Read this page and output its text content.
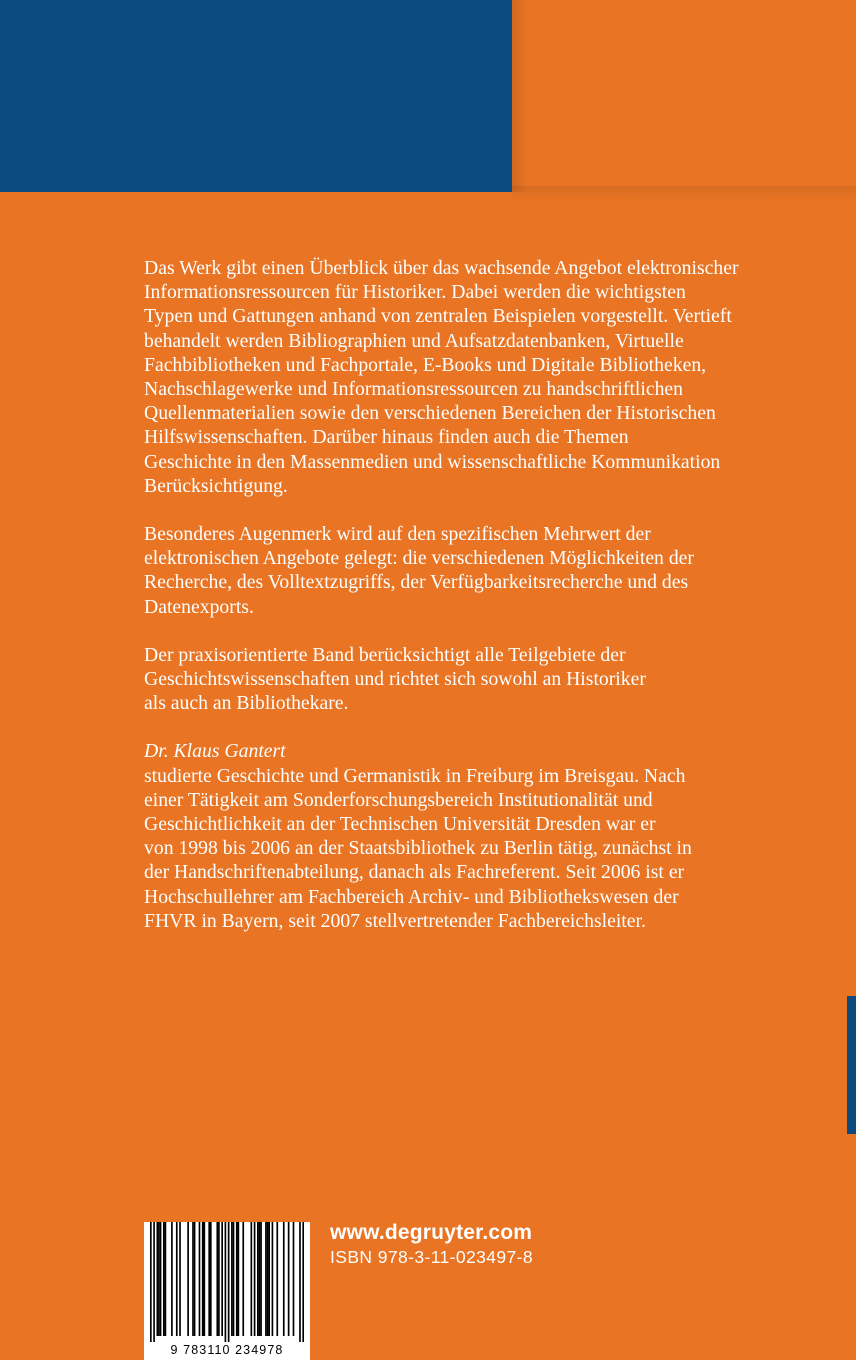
Das Werk gibt einen Überblick über das wachsende Angebot elektronischer
Informationsressourcen für Historiker. Dabei werden die wichtigsten
Typen und Gattungen anhand von zentralen Beispielen vorgestellt. Vertieft
behandelt werden Bibliographien und Aufsatzdatenbanken, Virtuelle
Fachbibliotheken und Fachportale, E-Books und Digitale Bibliotheken,
Nachschlagewerke und Informationsressourcen zu handschriftlichen
Quellenmaterialien sowie den verschiedenen Bereichen der Historischen
Hilfswissenschaften. Darüber hinaus finden auch die Themen
Geschichte in den Massenmedien und wissenschaftliche Kommunikation
Berücksichtigung.

Besonderes Augenmerk wird auf den spezifischen Mehrwert der
elektronischen Angebote gelegt: die verschiedenen Möglichkeiten der
Recherche, des Volltextzugriffs, der Verfügbarkeitsrecherche und des
Datenexports.

Der praxisorientierte Band berücksichtigt alle Teilgebiete der
Geschichtswissenschaften und richtet sich sowohl an Historiker
als auch an Bibliothekare.

Dr. Klaus Gantert

studierte Geschichte und Germanistik in Freiburg im Breisgau. Nach
einer Tätigkeit am Sonderforschungsbereich Institutionalität und
Geschichtlichkeit an der Technischen Universität Dresden war er
von 1998 bis 2006 an der Staatsbibliothek zu Berlin tätig, zunächst in
der Handschriftenabteilung, danach als Fachreferent. Seit 2006 ist er
Hochschullehrer am Fachbereich Archiv- und Bibliothekswesen der
FHVR in Bayern, seit 2007 stellvertretender Fachbereichsleiter.

9 783110 234978
www.degruyter.com
ISBN 978-3-11-023497-8
